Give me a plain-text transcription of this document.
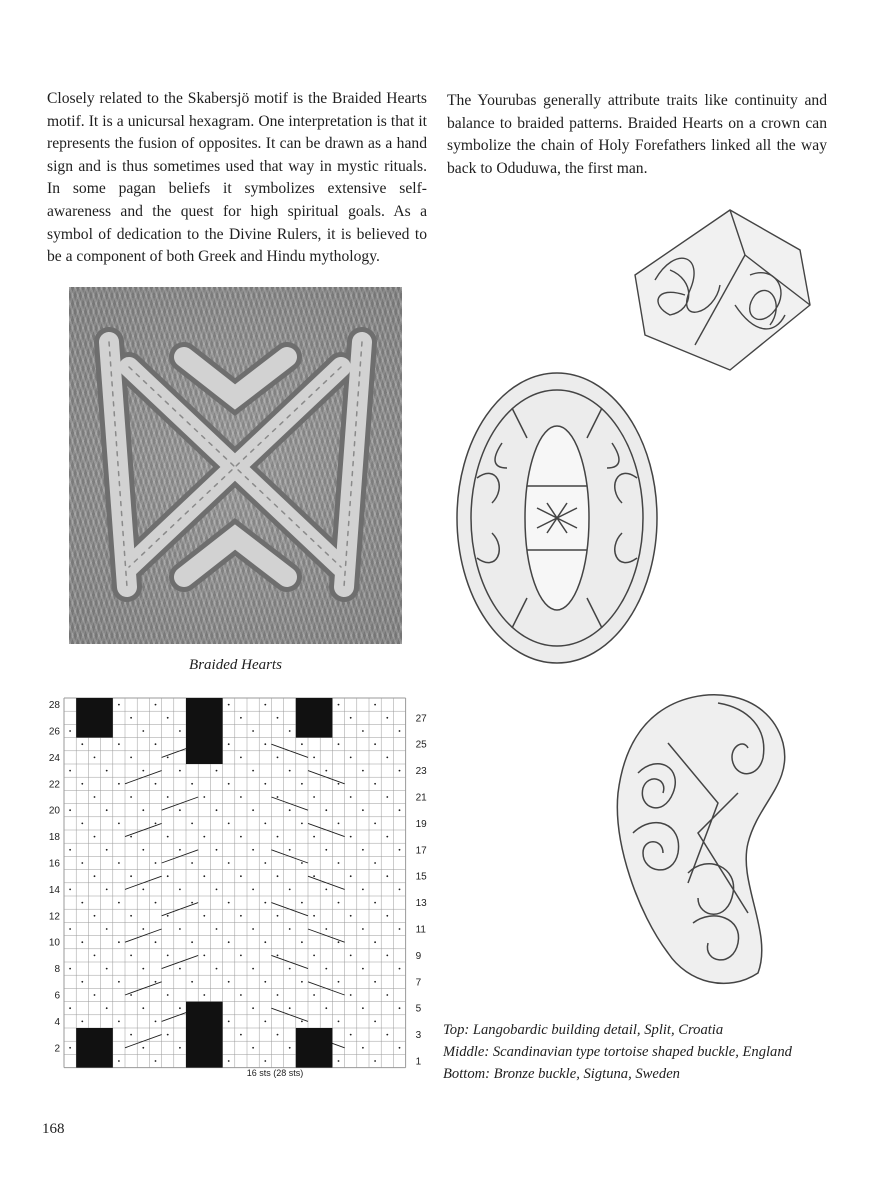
Closely related to the Skabersjö motif is the Braided Hearts motif. It is a unicursal hexagram. One interpretation is that it represents the fusion of opposites. It can be drawn as a hand sign and is thus sometimes used that way in mystic rituals. In some pagan beliefs it symbolizes extensive self-awareness and the quest for high spiritual goals. As a symbol of dedication to the Divine Rulers, it is believed to be a component of both Greek and Hindu mythology.

The Yourubas generally attribute traits like continuity and balance to braided patterns. Braided Hearts on a crown can symbolize the chain of Holy Forefathers linked all the way back to Oduduwa, the first man.

Braided Hearts
28
26
24
22
20
18
16
14
12
10
8
6
4
2
27
25
23
21
19
17
15
13
11
9
7
5
3
1
16 sts (28 sts)
Top: Langobardic building detail, Split, Croatia
Middle: Scandinavian type tortoise shaped buckle, England
Bottom: Bronze buckle, Sigtuna, Sweden
168
